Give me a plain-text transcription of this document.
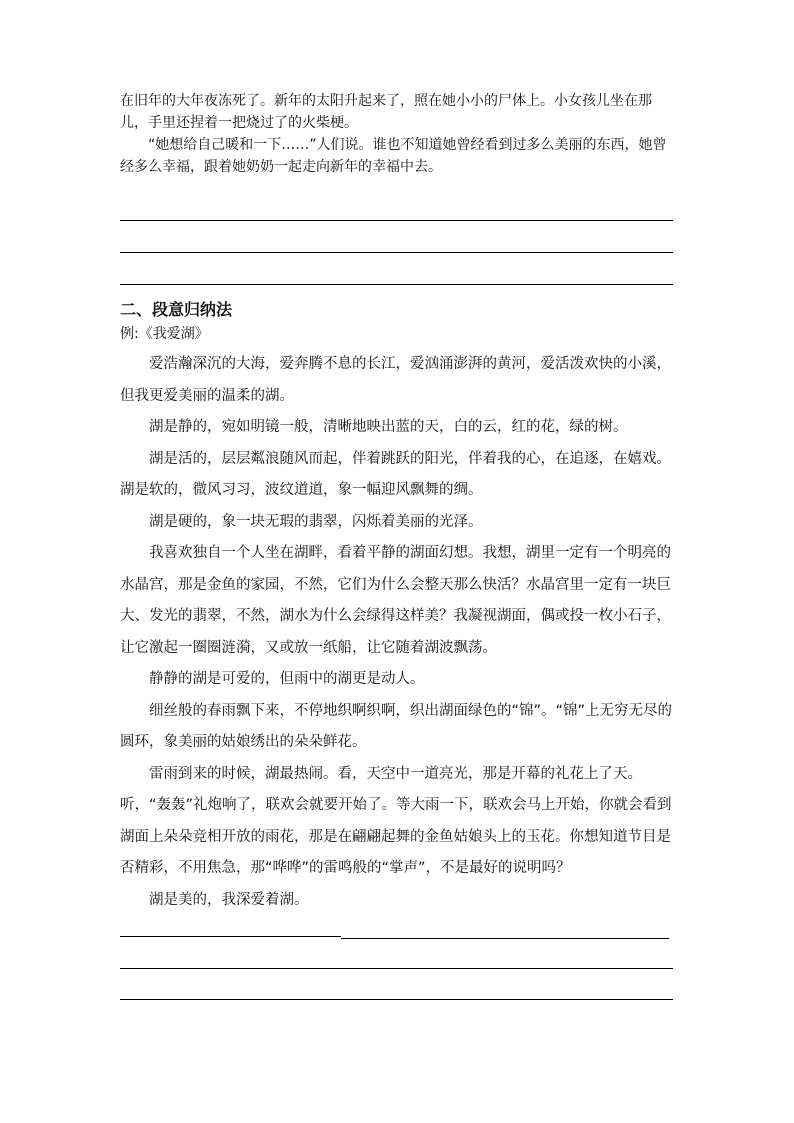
在旧年的大年夜冻死了。新年的太阳升起来了，照在她小小的尸体上。小女孩儿坐在那儿，手里还捏着一把烧过了的火柴梗。

“她想给自己暖和一下……”人们说。谁也不知道她曾经看到过多么美丽的东西，她曾经多么幸福，跟着她奶奶一起走向新年的幸福中去。

二、段意归纳法

例:《我爱湖》

爱浩瀚深沉的大海，爱奔腾不息的长江，爱汹涌澎湃的黄河，爱活泼欢快的小溪，但我更爱美丽的温柔的湖。

湖是静的，宛如明镜一般，清晰地映出蓝的天，白的云，红的花，绿的树。

湖是活的，层层粼浪随风而起，伴着跳跃的阳光，伴着我的心，在追逐，在嬉戏。湖是软的，微风习习，波纹道道，象一幅迎风飘舞的绸。

湖是硬的，象一块无瑕的翡翠，闪烁着美丽的光泽。

我喜欢独自一个人坐在湖畔，看着平静的湖面幻想。我想，湖里一定有一个明亮的水晶宫，那是金鱼的家园，不然，它们为什么会整天那么快活？水晶宫里一定有一块巨大、发光的翡翠，不然，湖水为什么会绿得这样美？我凝视湖面，偶或投一枚小石子，让它激起一圈圈涟漪，又或放一纸船，让它随着湖波飘荡。

静静的湖是可爱的，但雨中的湖更是动人。

细丝般的春雨飘下来，不停地织啊织啊，织出湖面绿色的“锦”。“锦”上无穷无尽的圆环，象美丽的姑娘绣出的朵朵鲜花。

雷雨到来的时候，湖最热闹。看，天空中一道亮光，那是开幕的礼花上了天。听，“轰轰”礼炮响了，联欢会就要开始了。等大雨一下，联欢会马上开始，你就会看到湖面上朵朵竞相开放的雨花，那是在翩翩起舞的金鱼姑娘头上的玉花。你想知道节目是否精彩，不用焦急，那“哗哗”的雷鸣般的“掌声”，不是最好的说明吗？

湖是美的，我深爱着湖。
